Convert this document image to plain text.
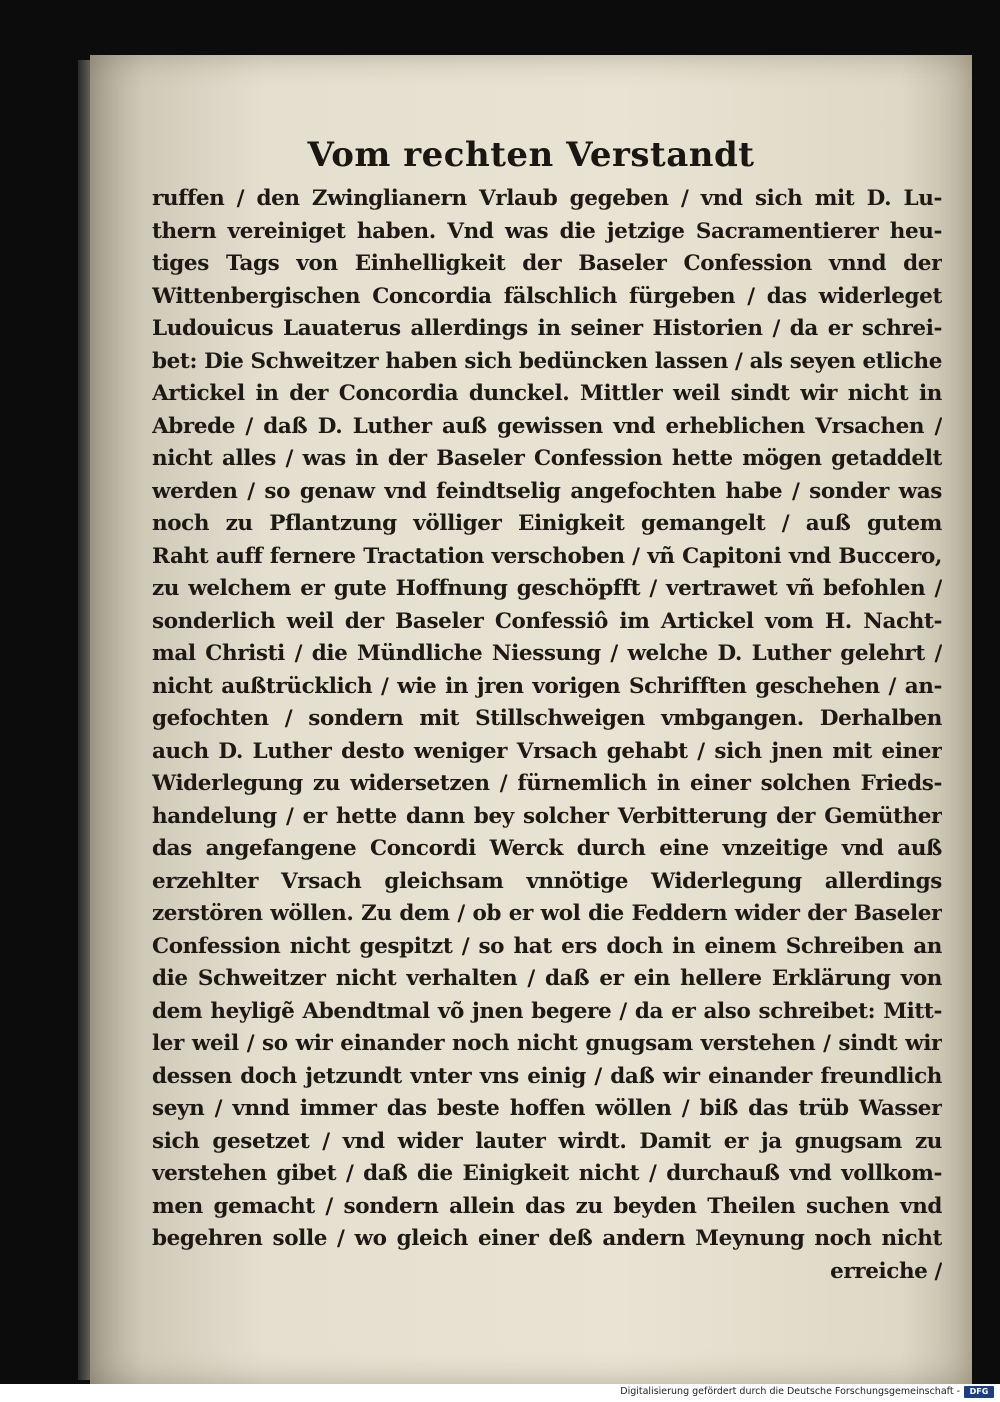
Vom rechten Verstandt
ruffen / den Zwinglianern Vrlaub gegeben / vnd sich mit D. Lu-
thern vereiniget haben. Vnd was die jetzige Sacramentierer heu-
tiges Tags von Einhelligkeit der Baseler Confession vnnd der
Wittenbergischen Concordia fälschlich fürgeben / das widerleget
Ludouicus Lauaterus allerdings in seiner Historien / da er schrei-
bet: Die Schweitzer haben sich bedüncken lassen / als seyen etliche
Artickel in der Concordia dunckel. Mittler weil sindt wir nicht in
Abrede / daß D. Luther auß gewissen vnd erheblichen Vrsachen /
nicht alles / was in der Baseler Confession hette mögen getaddelt
werden / so genaw vnd feindtselig angefochten habe / sonder was
noch zu Pflantzung völliger Einigkeit gemangelt / auß gutem
Raht auff fernere Tractation verschoben / vñ Capitoni vnd Buccero,
zu welchem er gute Hoffnung geschöpfft / vertrawet vñ befohlen /
sonderlich weil der Baseler Confessiô im Artickel vom H. Nacht-
mal Christi / die Mündliche Niessung / welche D. Luther gelehrt /
nicht außtrücklich / wie in jren vorigen Schrifften geschehen / an-
gefochten / sondern mit Stillschweigen vmbgangen. Derhalben
auch D. Luther desto weniger Vrsach gehabt / sich jnen mit einer
Widerlegung zu widersetzen / fürnemlich in einer solchen Frieds-
handelung / er hette dann bey solcher Verbitterung der Gemüther
das angefangene Concordi Werck durch eine vnzeitige vnd auß
erzehlter Vrsach gleichsam vnnötige Widerlegung allerdings
zerstören wöllen. Zu dem / ob er wol die Feddern wider der Baseler
Confession nicht gespitzt / so hat ers doch in einem Schreiben an
die Schweitzer nicht verhalten / daß er ein hellere Erklärung von
dem heyligẽ Abendtmal võ jnen begere / da er also schreibet: Mitt-
ler weil / so wir einander noch nicht gnugsam verstehen / sindt wir
dessen doch jetzundt vnter vns einig / daß wir einander freundlich
seyn / vnnd immer das beste hoffen wöllen / biß das trüb Wasser
sich gesetzet / vnd wider lauter wirdt. Damit er ja gnugsam zu
verstehen gibet / daß die Einigkeit nicht / durchauß vnd vollkom-
men gemacht / sondern allein das zu beyden Theilen suchen vnd
begehren solle / wo gleich einer deß andern Meynung noch nicht
erreiche /
Digitalisierung gefördert durch die Deutsche Forschungsgemeinschaft -	DFG
